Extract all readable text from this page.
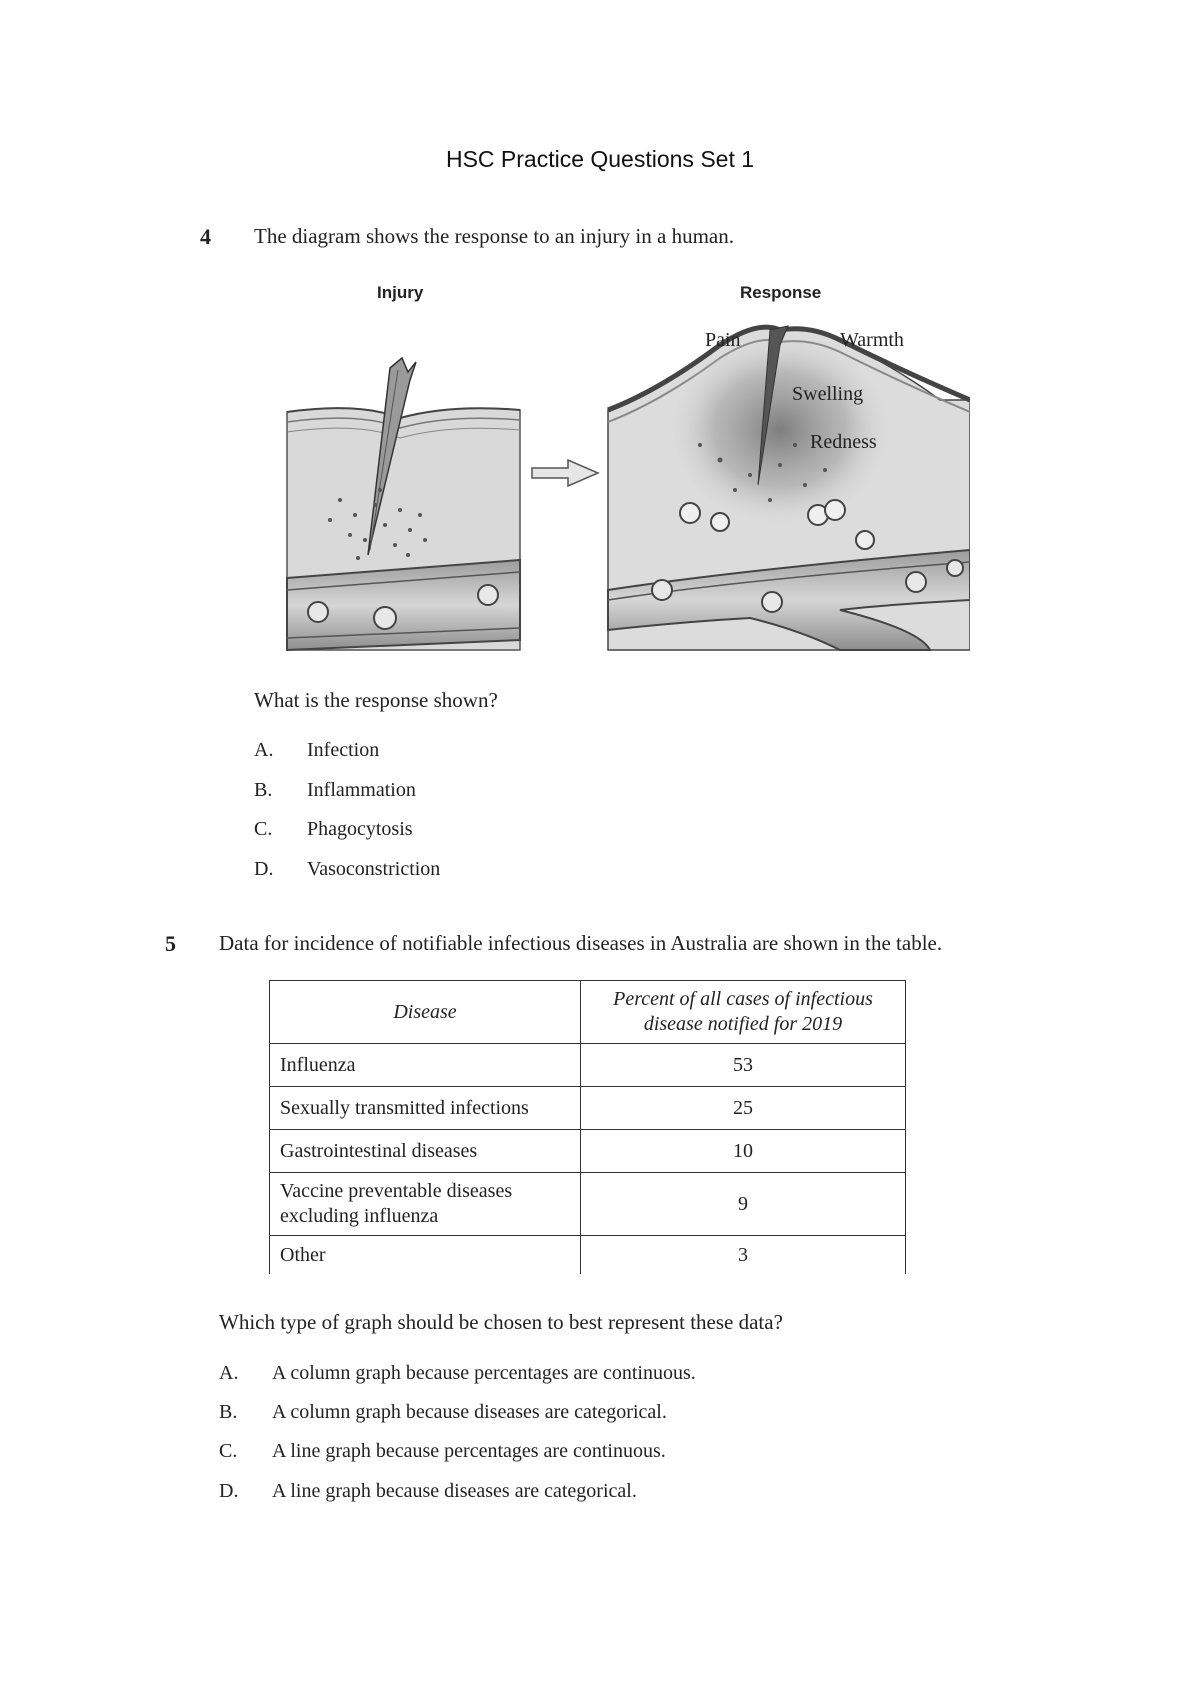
HSC Practice Questions Set 1
4 The diagram shows the response to an injury in a human.
Injury	Response
Pain	Warmth
Swelling
Redness
What is the response shown?
A. Infection
B. Inflammation
C. Phagocytosis
D. Vasoconstriction
5 Data for incidence of notifiable infectious diseases in Australia are shown in the table.
Disease	Percent of all cases of infectious disease notified for 2019
Influenza	53
Sexually transmitted infections	25
Gastrointestinal diseases	10
Vaccine preventable diseases excluding influenza	9
Other	3
Which type of graph should be chosen to best represent these data?
A. A column graph because percentages are continuous.
B. A column graph because diseases are categorical.
C. A line graph because percentages are continuous.
D. A line graph because diseases are categorical.
